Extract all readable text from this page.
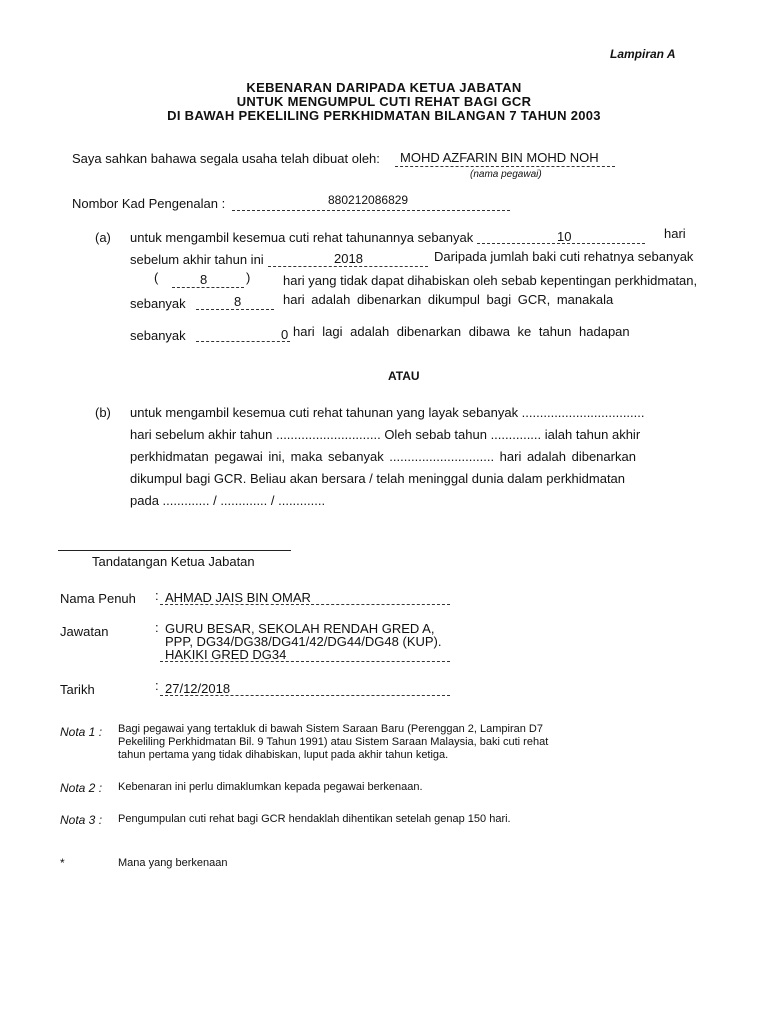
Lampiran A
KEBENARAN DARIPADA KETUA JABATAN
UNTUK MENGUMPUL CUTI REHAT BAGI GCR
DI BAWAH PEKELILING PERKHIDMATAN BILANGAN 7 TAHUN 2003
Saya sahkan bahawa segala usaha telah dibuat oleh: MOHD AZFARIN BIN MOHD NOH
(nama pegawai)
Nombor Kad Pengenalan :	880212086829
(a) untuk mengambil kesemua cuti rehat tahunannya sebanyak	10	hari
sebelum akhir tahun ini	2018	Daripada jumlah baki cuti rehatnya sebanyak
(	8	)	hari yang tidak dapat dihabiskan oleh sebab kepentingan perkhidmatan,
sebanyak	8	hari adalah dibenarkan dikumpul bagi GCR, manakala
sebanyak	0 hari lagi adalah dibenarkan dibawa ke tahun hadapan
ATAU
(b) untuk mengambil kesemua cuti rehat tahunan yang layak sebanyak ..................................
hari sebelum akhir tahun ............................. Oleh sebab tahun .............. ialah tahun akhir
perkhidmatan pegawai ini, maka sebanyak ............................. hari adalah dibenarkan
dikumpul bagi GCR. Beliau akan bersara / telah meninggal dunia dalam perkhidmatan
pada ............. / ............. / .............
Tandatangan Ketua Jabatan
Nama Penuh : AHMAD JAIS BIN OMAR
Jawatan	: GURU BESAR, SEKOLAH RENDAH GRED A,
PPP, DG34/DG38/DG41/42/DG44/DG48 (KUP).
HAKIKI GRED DG34
Tarikh	: 27/12/2018
Nota 1 : Bagi pegawai yang tertakluk di bawah Sistem Saraan Baru (Perenggan 2, Lampiran D7
Pekeliling Perkhidmatan Bil. 9 Tahun 1991) atau Sistem Saraan Malaysia, baki cuti rehat
tahun pertama yang tidak dihabiskan, luput pada akhir tahun ketiga.
Nota 2 : Kebenaran ini perlu dimaklumkan kepada pegawai berkenaan.
Nota 3 : Pengumpulan cuti rehat bagi GCR hendaklah dihentikan setelah genap 150 hari.
*	Mana yang berkenaan
